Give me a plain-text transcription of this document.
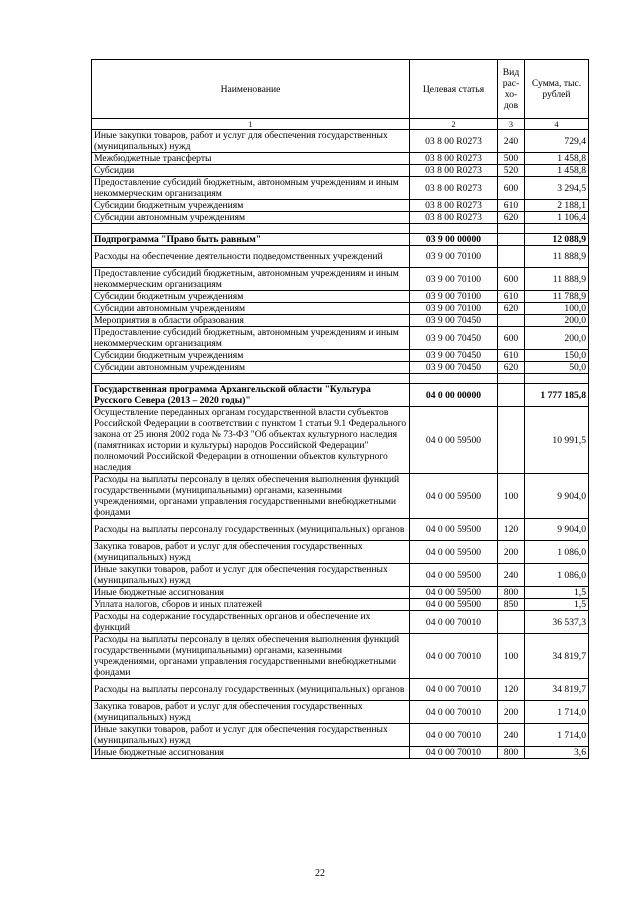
Наименование	Целевая статья	Вид рас- хо- дов	Сумма, тыс. рублей
1	2	3	4
Иные закупки товаров, работ и услуг для обеспечения государственных (муниципальных) нужд	03 8 00 R0273	240	729,4
Межбюджетные трансферты	03 8 00 R0273	500	1 458,8
Субсидии	03 8 00 R0273	520	1 458,8
Предоставление субсидий бюджетным, автономным учреждениям и иным некоммерческим организациям	03 8 00 R0273	600	3 294,5
Субсидии бюджетным учреждениям	03 8 00 R0273	610	2 188,1
Субсидии автономным учреждениям	03 8 00 R0273	620	1 106,4

Подпрограмма "Право быть равным"	03 9 00 00000		12 088,9
Расходы на обеспечение деятельности подведомственных учреждений	03 9 00 70100		11 888,9
Предоставление субсидий бюджетным, автономным учреждениям и иным некоммерческим организациям	03 9 00 70100	600	11 888,9
Субсидии бюджетным учреждениям	03 9 00 70100	610	11 788,9
Субсидии автономным учреждениям	03 9 00 70100	620	100,0
Мероприятия в области образования	03 9 00 70450		200,0
Предоставление субсидий бюджетным, автономным учреждениям и иным некоммерческим организациям	03 9 00 70450	600	200,0
Субсидии бюджетным учреждениям	03 9 00 70450	610	150,0
Субсидии автономным учреждениям	03 9 00 70450	620	50,0

Государственная программа Архангельской области "Культура Русского Севера (2013 – 2020 годы)"	04 0 00 00000		1 777 185,8
Осуществление переданных органам государственной власти субъектов Российской Федерации в соответствии с пунктом 1 статьи 9.1 Федерального закона от 25 июня 2002 года № 73-ФЗ "Об объектах культурного наследия (памятниках истории и культуры) народов Российской Федерации" полномочий Российской Федерации в отношении объектов культурного наследия	04 0 00 59500		10 991,5
Расходы на выплаты персоналу в целях обеспечения выполнения функций государственными (муниципальными) органами, казенными учреждениями, органами управления государственными внебюджетными фондами	04 0 00 59500	100	9 904,0
Расходы на выплаты персоналу государственных (муниципальных) органов	04 0 00 59500	120	9 904,0
Закупка товаров, работ и услуг для обеспечения государственных (муниципальных) нужд	04 0 00 59500	200	1 086,0
Иные закупки товаров, работ и услуг для обеспечения государственных (муниципальных) нужд	04 0 00 59500	240	1 086,0
Иные бюджетные ассигнования	04 0 00 59500	800	1,5
Уплата налогов, сборов и иных платежей	04 0 00 59500	850	1,5
Расходы на содержание государственных органов и обеспечение их функций	04 0 00 70010		36 537,3
Расходы на выплаты персоналу в целях обеспечения выполнения функций государственными (муниципальными) органами, казенными учреждениями, органами управления государственными внебюджетными фондами	04 0 00 70010	100	34 819,7
Расходы на выплаты персоналу государственных (муниципальных) органов	04 0 00 70010	120	34 819,7
Закупка товаров, работ и услуг для обеспечения государственных (муниципальных) нужд	04 0 00 70010	200	1 714,0
Иные закупки товаров, работ и услуг для обеспечения государственных (муниципальных) нужд	04 0 00 70010	240	1 714,0
Иные бюджетные ассигнования	04 0 00 70010	800	3,6
22
